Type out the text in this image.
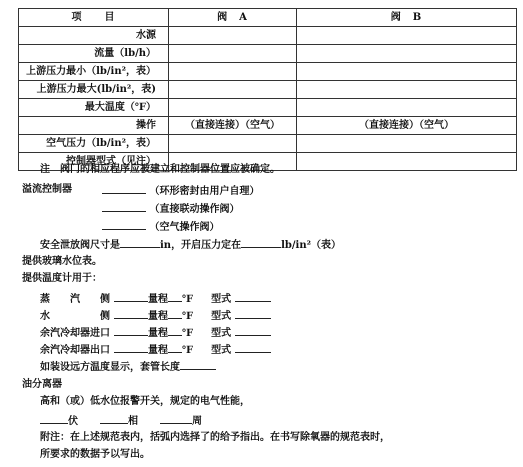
项　　目	阀　A	阀　B
水源		
流量（lb/h）		
上游压力最小（lb/in²，表）		
上游压力最大(lb/in²，表)		
最大温度（℉）		
操作	（直接连接）（空气）	（直接连接）（空气）
空气压力（lb/in²，表）		
控制器型式（见注）		
注　阀门的相应程序应被建立和控制器位置应被确定。
溢流控制器	（环形密封由用户自理）
（直接联动操作阀）
（空气操作阀）
安全泄放阀尺寸是	in，开启压力定在	lb/in²（表）
提供玻璃水位表。
提供温度计用于：
蒸　　汽　　侧	量程 ℉ 型式
水　　　　　侧	量程 ℉ 型式
余汽冷却器进口	量程 ℉ 型式
余汽冷却器出口	量程 ℉ 型式
如装设远方温度显示，套管长度
油分离器
高和（或）低水位报警开关，规定的电气性能，
伏	相	周
附注：在上述规范表内，括弧内选择了的给予指出。在书写除氧器的规范表时，
所要求的数据予以写出。
